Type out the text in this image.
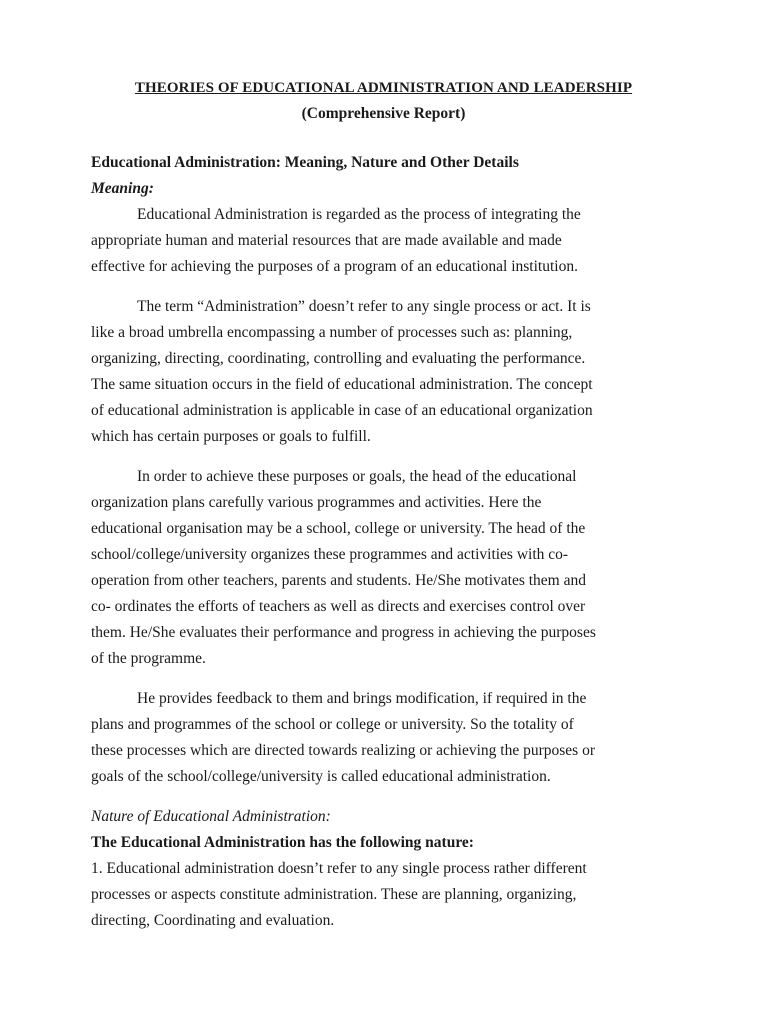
THEORIES OF EDUCATIONAL ADMINISTRATION AND LEADERSHIP
(Comprehensive Report)
Educational Administration: Meaning, Nature and Other Details
Meaning:
Educational Administration is regarded as the process of integrating the
appropriate human and material resources that are made available and made
effective for achieving the purposes of a program of an educational institution.
The term “Administration” doesn’t refer to any single process or act. It is
like a broad umbrella encompassing a number of processes such as: planning,
organizing, directing, coordinating, controlling and evaluating the performance.
The same situation occurs in the field of educational administration. The concept
of educational administration is applicable in case of an educational organization
which has certain purposes or goals to fulfill.
In order to achieve these purposes or goals, the head of the educational
organization plans carefully various programmes and activities. Here the
educational organisation may be a school, college or university. The head of the
school/college/university organizes these programmes and activities with co-
operation from other teachers, parents and students. He/She motivates them and
co- ordinates the efforts of teachers as well as directs and exercises control over
them. He/She evaluates their performance and progress in achieving the purposes
of the programme.
He provides feedback to them and brings modification, if required in the
plans and programmes of the school or college or university. So the totality of
these processes which are directed towards realizing or achieving the purposes or
goals of the school/college/university is called educational administration.
Nature of Educational Administration:
The Educational Administration has the following nature:
1. Educational administration doesn’t refer to any single process rather different
processes or aspects constitute administration. These are planning, organizing,
directing, Coordinating and evaluation.
